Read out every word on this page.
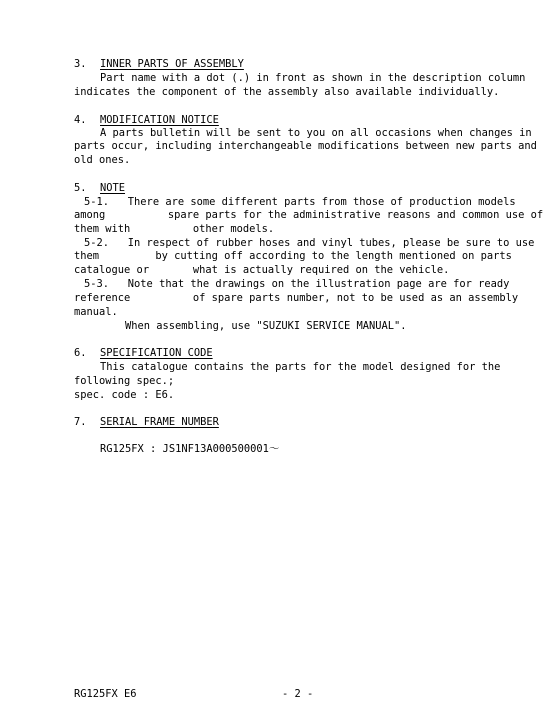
3. INNER PARTS OF ASSEMBLY
Part name with a dot (.) in front as shown in the description column
indicates the component of the assembly also available individually.
4. MODIFICATION NOTICE
A parts bulletin will be sent to you on all occasions when changes in
parts occur, including interchangeable modifications between new parts and
old ones.
5. NOTE
5-1.   There are some different parts from those of production models
among          spare parts for the administrative reasons and common use of
them with          other models.
5-2.   In respect of rubber hoses and vinyl tubes, please be sure to use
them         by cutting off according to the length mentioned on parts
catalogue or       what is actually required on the vehicle.
5-3.   Note that the drawings on the illustration page are for ready
reference          of spare parts number, not to be used as an assembly
manual.
When assembling, use "SUZUKI SERVICE MANUAL".
6. SPECIFICATION CODE
This catalogue contains the parts for the model designed for the
following spec.;
spec. code : E6.
7. SERIAL FRAME NUMBER
RG125FX : JS1NF13A000500001～
RG125FX E6	- 2 -
